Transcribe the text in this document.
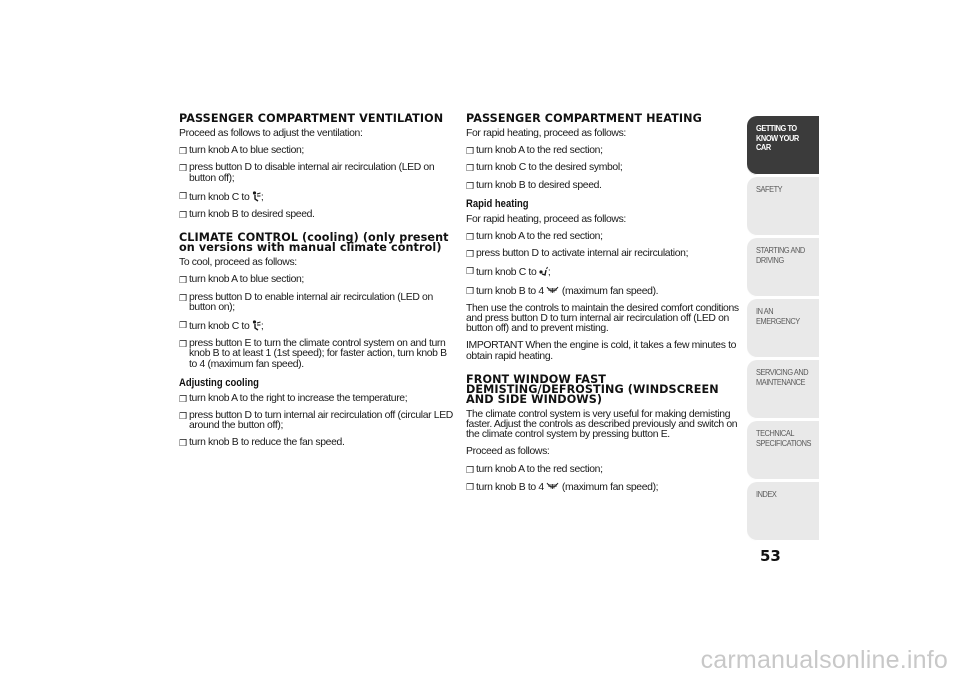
PASSENGER COMPARTMENT VENTILATION

Proceed as follows to adjust the ventilation:

❒ turn knob A to blue section;
❒ press button D to disable internal air recirculation (LED on button off);
❒ turn knob C to ;
❒ turn knob B to desired speed.
CLIMATE CONTROL (cooling) (only present on versions with manual climate control)

To cool, proceed as follows:

❒ turn knob A to blue section;
❒ press button D to enable internal air recirculation (LED on button on);
❒ turn knob C to ;
❒ press button E to turn the climate control system on and turn knob B to at least 1 (1st speed); for faster action, turn knob B to 4 (maximum fan speed).
Adjusting cooling
❒ turn knob A to the right to increase the temperature;
❒ press button D to turn internal air recirculation off (circular LED around the button off);
❒ turn knob B to reduce the fan speed.
PASSENGER COMPARTMENT HEATING

For rapid heating, proceed as follows:

❒ turn knob A to the red section;
❒ turn knob C to the desired symbol;
❒ turn knob B to desired speed.
Rapid heating

For rapid heating, proceed as follows:

❒ turn knob A to the red section;
❒ press button D to activate internal air recirculation;
❒ turn knob C to ;
❒ turn knob B to 4 (maximum fan speed).

Then use the controls to maintain the desired comfort conditions and press button D to turn internal air recirculation off (LED on button off) and to prevent misting.

IMPORTANT When the engine is cold, it takes a few minutes to obtain rapid heating.

FRONT WINDOW FAST DEMISTING/DEFROSTING (WINDSCREEN AND SIDE WINDOWS)

The climate control system is very useful for making demisting faster. Adjust the controls as described previously and switch on the climate control system by pressing button E.

Proceed as follows:

❒ turn knob A to the red section;
❒ turn knob B to 4 (maximum fan speed);
GETTING TO KNOW YOUR CAR
SAFETY
STARTING AND DRIVING
IN AN EMERGENCY
SERVICING AND MAINTENANCE
TECHNICAL SPECIFICATIONS
INDEX
53
carmanualsonline.info
